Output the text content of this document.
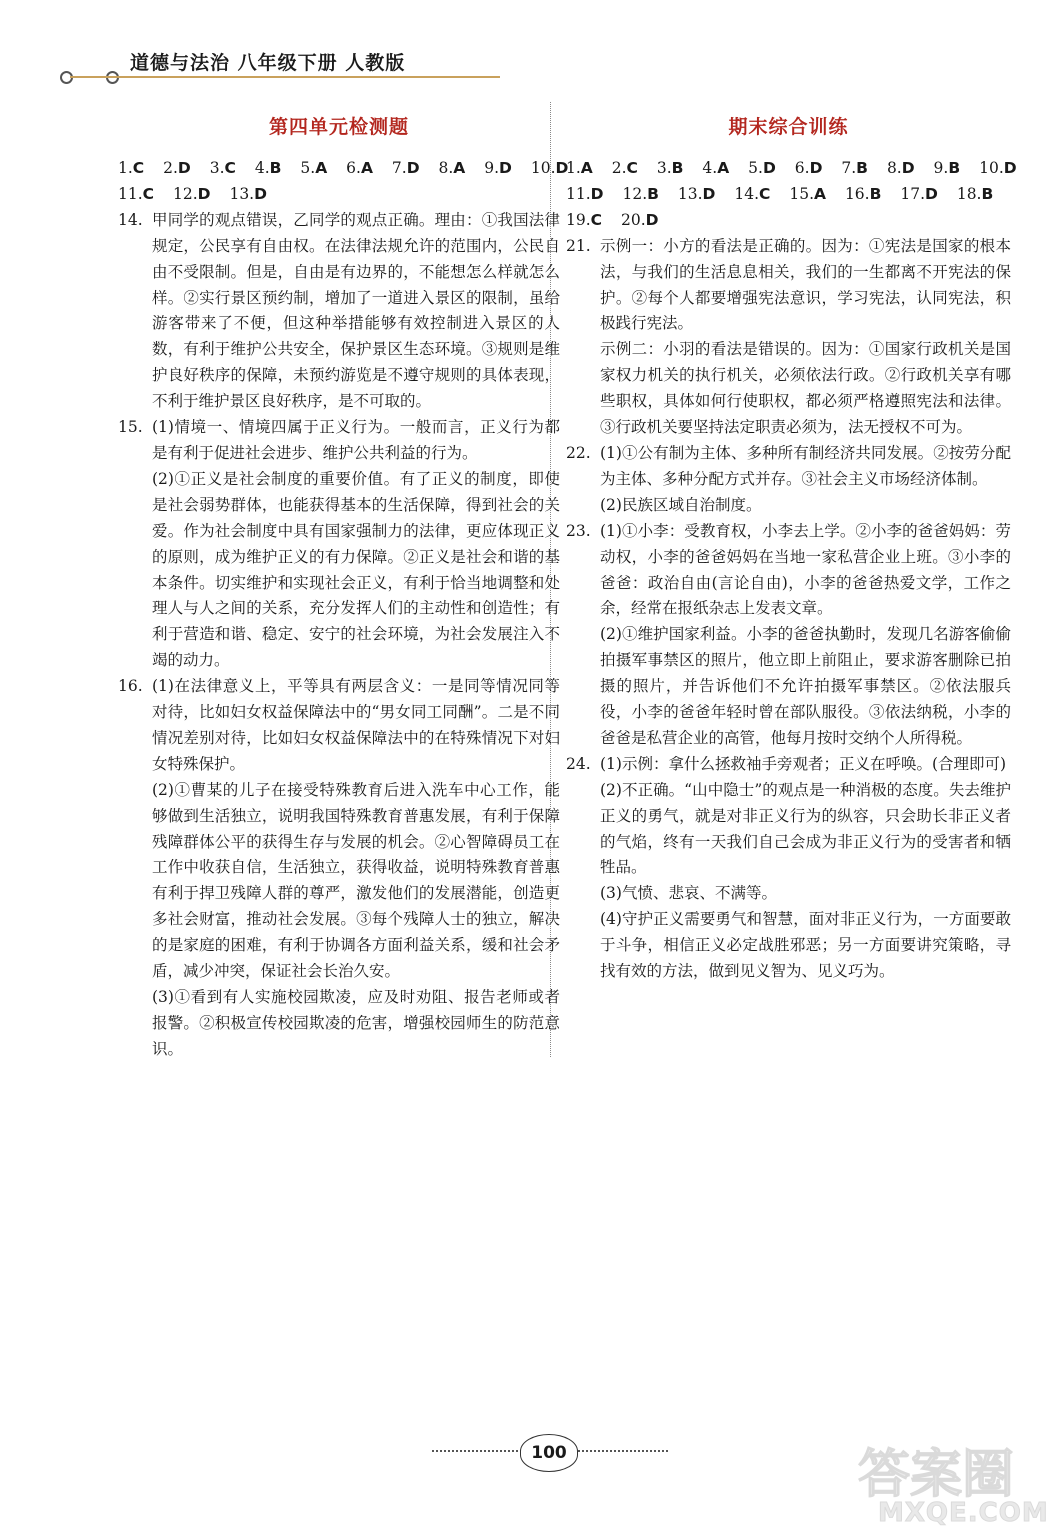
道德与法治 八年级下册 人教版
第四单元检测题
1.C 2.D 3.C 4.B 5.A 6.A 7.D 8.A 9.D 10.D
11.C 12.D 13.D
14. 甲同学的观点错误，乙同学的观点正确。理由：①我国法律规定，公民享有自由权。在法律法规允许的范围内，公民自由不受限制。但是，自由是有边界的，不能想怎么样就怎么样。②实行景区预约制，增加了一道进入景区的限制，虽给游客带来了不便，但这种举措能够有效控制进入景区的人数，有利于维护公共安全，保护景区生态环境。③规则是维护良好秩序的保障，未预约游览是不遵守规则的具体表现，不利于维护景区良好秩序，是不可取的。
15. (1)情境一、情境四属于正义行为。一般而言，正义行为都是有利于促进社会进步、维护公共利益的行为。
(2)①正义是社会制度的重要价值。有了正义的制度，即使是社会弱势群体，也能获得基本的生活保障，得到社会的关爱。作为社会制度中具有国家强制力的法律，更应体现正义的原则，成为维护正义的有力保障。②正义是社会和谐的基本条件。切实维护和实现社会正义，有利于恰当地调整和处理人与人之间的关系，充分发挥人们的主动性和创造性；有利于营造和谐、稳定、安宁的社会环境，为社会发展注入不竭的动力。
16. (1)在法律意义上，平等具有两层含义：一是同等情况同等对待，比如妇女权益保障法中的“男女同工同酬”。二是不同情况差别对待，比如妇女权益保障法中的在特殊情况下对妇女特殊保护。
(2)①曹某的儿子在接受特殊教育后进入洗车中心工作，能够做到生活独立，说明我国特殊教育普惠发展，有利于保障残障群体公平的获得生存与发展的机会。②心智障碍员工在工作中收获自信，生活独立，获得收益，说明特殊教育普惠有利于捍卫残障人群的尊严，激发他们的发展潜能，创造更多社会财富，推动社会发展。③每个残障人士的独立，解决的是家庭的困难，有利于协调各方面利益关系，缓和社会矛盾，减少冲突，保证社会长治久安。
(3)①看到有人实施校园欺凌，应及时劝阻、报告老师或者报警。②积极宣传校园欺凌的危害，增强校园师生的防范意识。
期末综合训练
1.A 2.C 3.B 4.A 5.D 6.D 7.B 8.D 9.B 10.D
11.D 12.B 13.D 14.C 15.A 16.B 17.D 18.B
19.C 20.D
21. 示例一：小方的看法是正确的。因为：①宪法是国家的根本法，与我们的生活息息相关，我们的一生都离不开宪法的保护。②每个人都要增强宪法意识，学习宪法，认同宪法，积极践行宪法。
示例二：小羽的看法是错误的。因为：①国家行政机关是国家权力机关的执行机关，必须依法行政。②行政机关享有哪些职权，具体如何行使职权，都必须严格遵照宪法和法律。③行政机关要坚持法定职责必须为，法无授权不可为。
22. (1)①公有制为主体、多种所有制经济共同发展。②按劳分配为主体、多种分配方式并存。③社会主义市场经济体制。
(2)民族区域自治制度。
23. (1)①小李：受教育权，小李去上学。②小李的爸爸妈妈：劳动权，小李的爸爸妈妈在当地一家私营企业上班。③小李的爸爸：政治自由(言论自由)，小李的爸爸热爱文学，工作之余，经常在报纸杂志上发表文章。
(2)①维护国家利益。小李的爸爸执勤时，发现几名游客偷偷拍摄军事禁区的照片，他立即上前阻止，要求游客删除已拍摄的照片，并告诉他们不允许拍摄军事禁区。②依法服兵役，小李的爸爸年轻时曾在部队服役。③依法纳税，小李的爸爸是私营企业的高管，他每月按时交纳个人所得税。
24. (1)示例：拿什么拯救袖手旁观者；正义在呼唤。(合理即可)
(2)不正确。“山中隐士”的观点是一种消极的态度。失去维护正义的勇气，就是对非正义行为的纵容，只会助长非正义者的气焰，终有一天我们自己会成为非正义行为的受害者和牺牲品。
(3)气愤、悲哀、不满等。
(4)守护正义需要勇气和智慧，面对非正义行为，一方面要敢于斗争，相信正义必定战胜邪恶；另一方面要讲究策略，寻找有效的方法，做到见义智为、见义巧为。
100	答案圈
MXQE.COM
